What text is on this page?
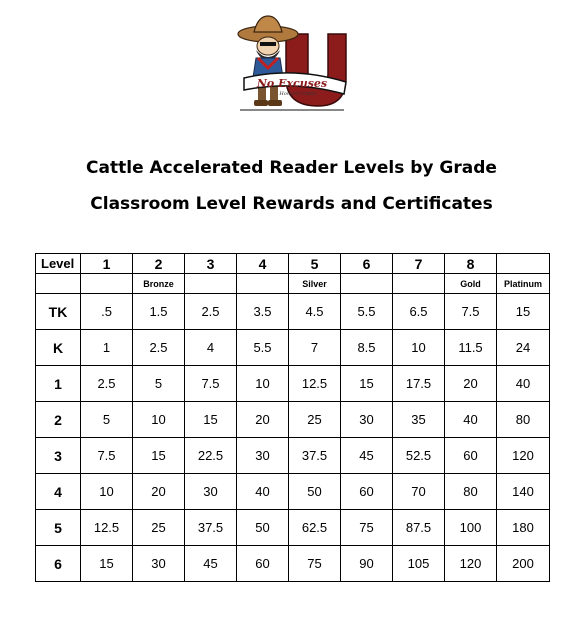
No Excuses
Howard Cattle
Cattle Accelerated Reader Levels by Grade
Classroom Level Rewards and Certificates
Level	1	2	3	4	5	6	7	8	
		Bronze			Silver			Gold	Platinum
TK	.5	1.5	2.5	3.5	4.5	5.5	6.5	7.5	15
K	1	2.5	4	5.5	7	8.5	10	11.5	24
1	2.5	5	7.5	10	12.5	15	17.5	20	40
2	5	10	15	20	25	30	35	40	80
3	7.5	15	22.5	30	37.5	45	52.5	60	120
4	10	20	30	40	50	60	70	80	140
5	12.5	25	37.5	50	62.5	75	87.5	100	180
6	15	30	45	60	75	90	105	120	200
